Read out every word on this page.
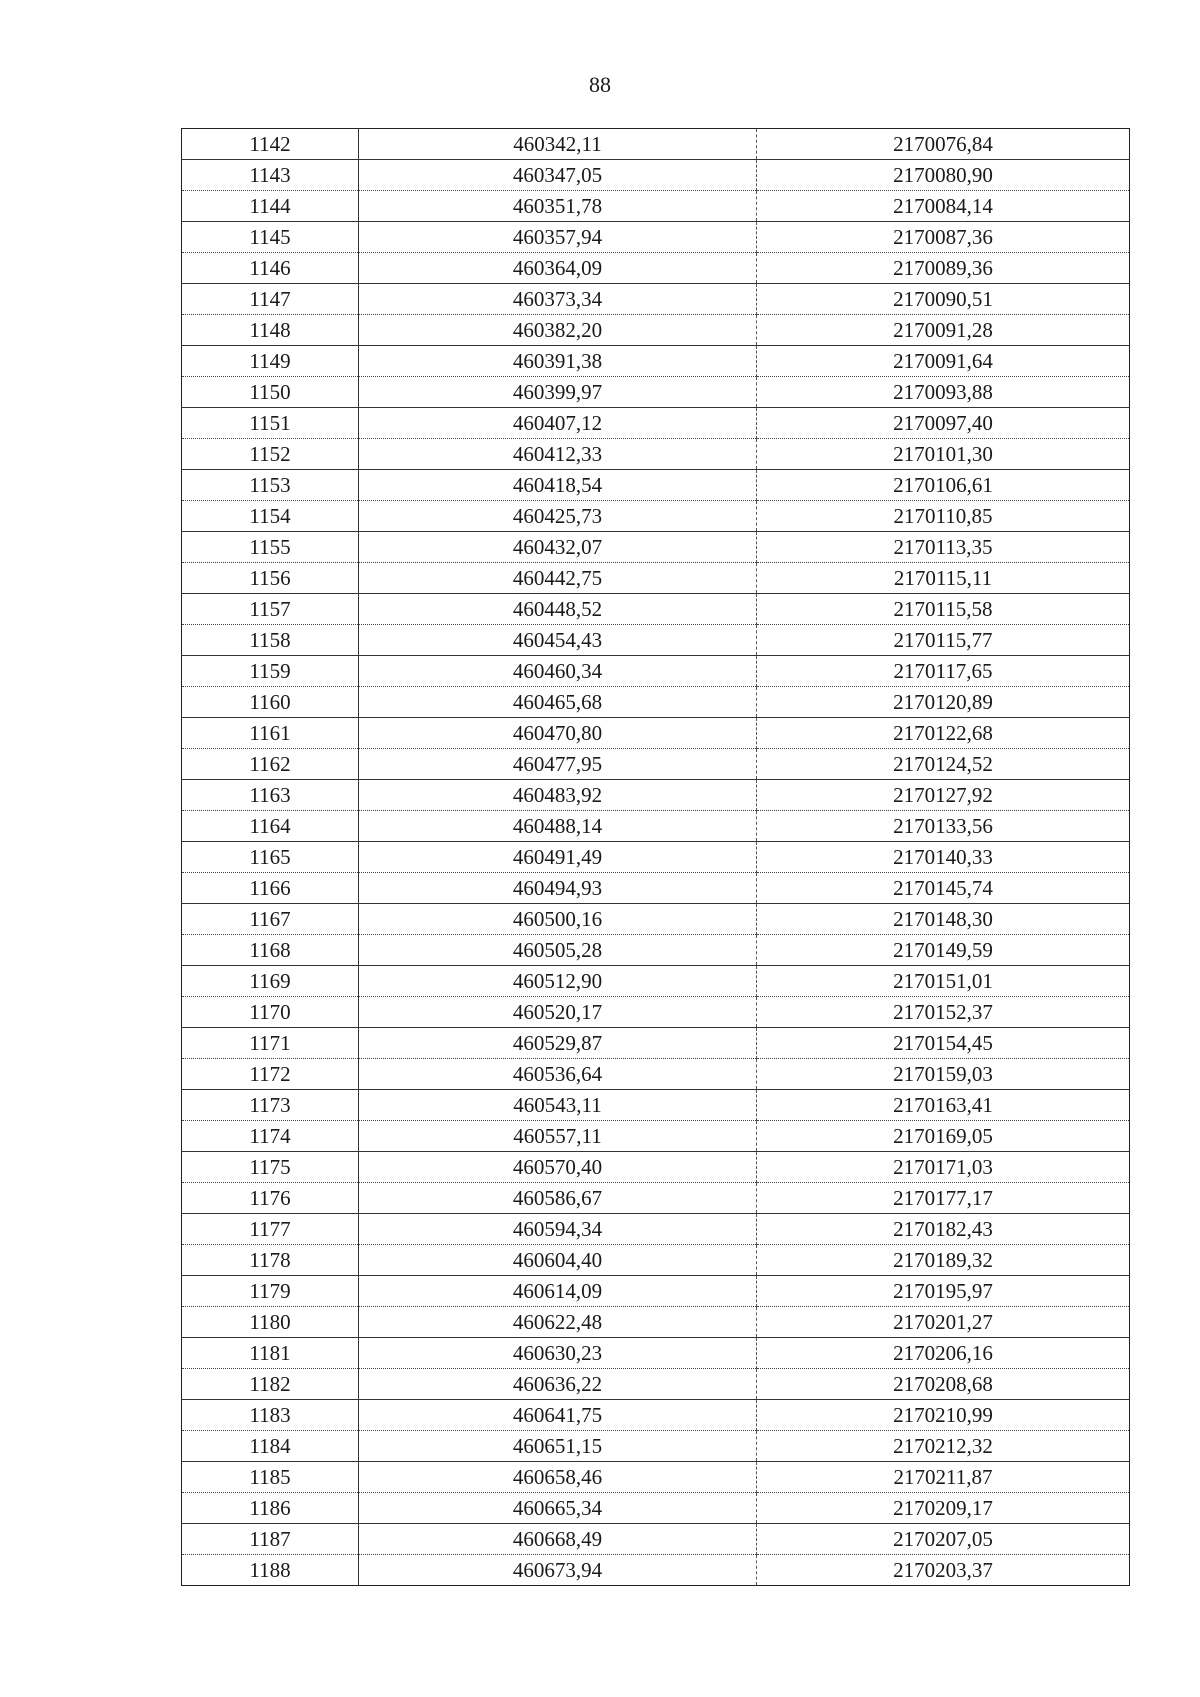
88
1142	460342,11	2170076,84
1143	460347,05	2170080,90
1144	460351,78	2170084,14
1145	460357,94	2170087,36
1146	460364,09	2170089,36
1147	460373,34	2170090,51
1148	460382,20	2170091,28
1149	460391,38	2170091,64
1150	460399,97	2170093,88
1151	460407,12	2170097,40
1152	460412,33	2170101,30
1153	460418,54	2170106,61
1154	460425,73	2170110,85
1155	460432,07	2170113,35
1156	460442,75	2170115,11
1157	460448,52	2170115,58
1158	460454,43	2170115,77
1159	460460,34	2170117,65
1160	460465,68	2170120,89
1161	460470,80	2170122,68
1162	460477,95	2170124,52
1163	460483,92	2170127,92
1164	460488,14	2170133,56
1165	460491,49	2170140,33
1166	460494,93	2170145,74
1167	460500,16	2170148,30
1168	460505,28	2170149,59
1169	460512,90	2170151,01
1170	460520,17	2170152,37
1171	460529,87	2170154,45
1172	460536,64	2170159,03
1173	460543,11	2170163,41
1174	460557,11	2170169,05
1175	460570,40	2170171,03
1176	460586,67	2170177,17
1177	460594,34	2170182,43
1178	460604,40	2170189,32
1179	460614,09	2170195,97
1180	460622,48	2170201,27
1181	460630,23	2170206,16
1182	460636,22	2170208,68
1183	460641,75	2170210,99
1184	460651,15	2170212,32
1185	460658,46	2170211,87
1186	460665,34	2170209,17
1187	460668,49	2170207,05
1188	460673,94	2170203,37
